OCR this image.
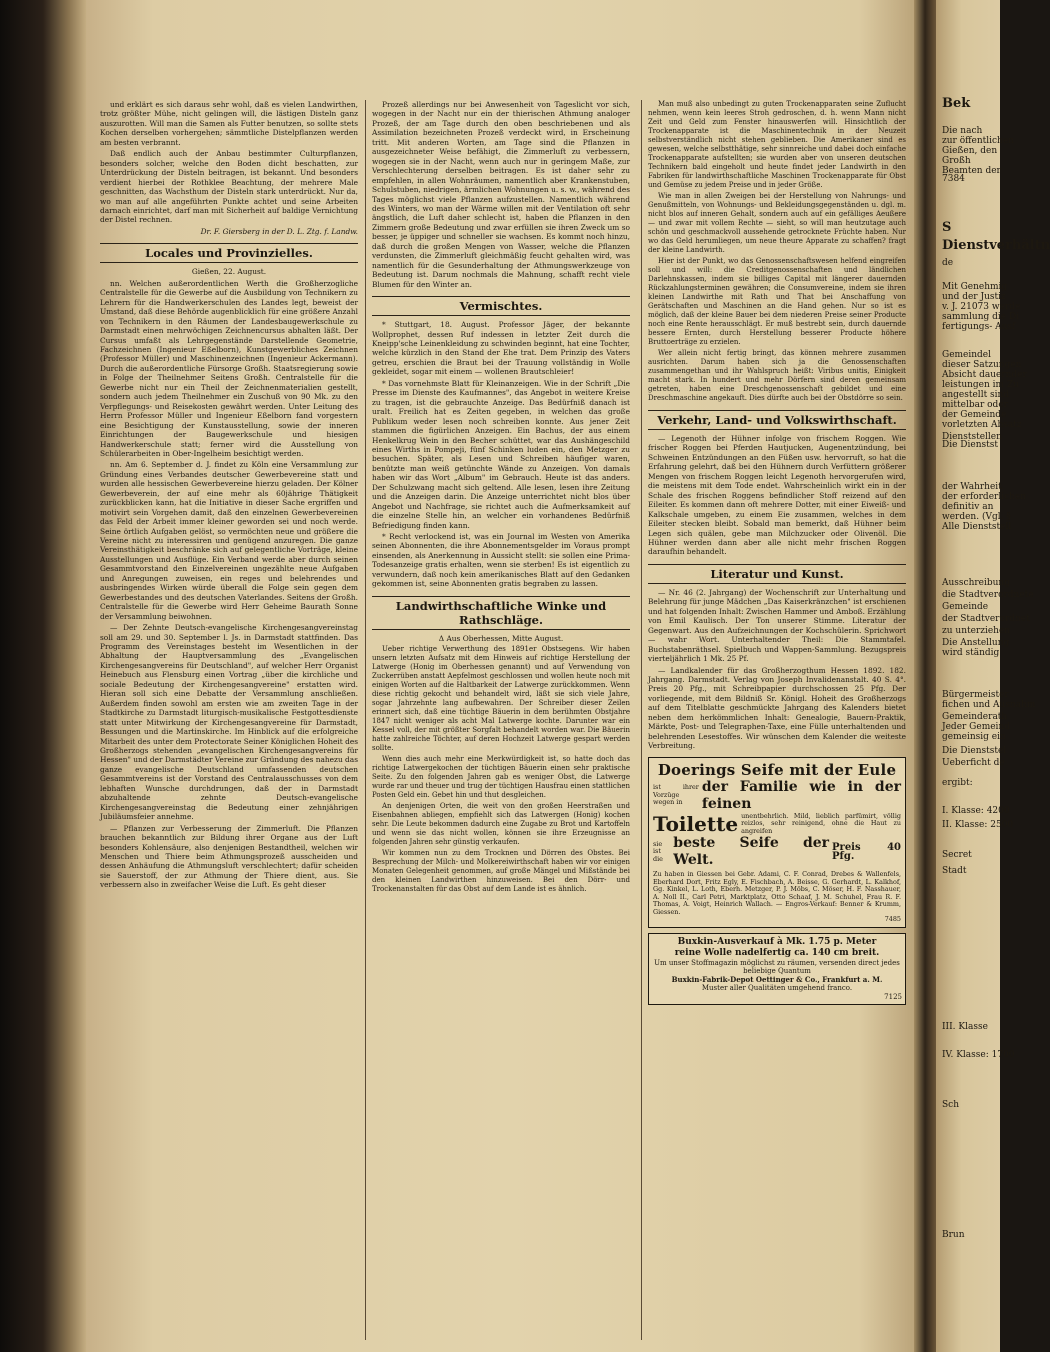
und erklärt es sich daraus sehr wohl, daß es vielen Landwirthen, trotz größter Mühe, nicht gelingen will, die lästigen Disteln ganz auszurotten. Will man die Samen als Futter benutzen, so sollte stets Kochen derselben vorhergehen; sämmtliche Distelpflanzen werden am besten verbrannt.

Daß endlich auch der Anbau bestimmter Culturpflanzen, besonders solcher, welche den Boden dicht beschatten, zur Unterdrückung der Disteln beitragen, ist bekannt. Und besonders verdient hierbei der Rothklee Beachtung, der mehrere Male geschnitten, das Wachsthum der Disteln stark unterdrückt. Nur da, wo man auf alle angeführten Punkte achtet und seine Arbeiten darnach einrichtet, darf man mit Sicherheit auf baldige Vernichtung der Distel rechnen.

Dr. F. Giersberg in der D. L. Ztg. f. Landw.
Locales und Provinzielles.
Gießen, 22. August.

nn. Welchen außerordentlichen Werth die Großherzogliche Centralstelle für die Gewerbe auf die Ausbildung von Technikern zu Lehrern für die Handwerkerschulen des Landes legt, beweist der Umstand, daß diese Behörde augenblicklich für eine größere Anzahl von Technikern in den Räumen der Landesbaugewerkschule zu Darmstadt einen mehrwöchigen Zeichnencursus abhalten läßt. Der Cursus umfaßt als Lehrgegenstände Darstellende Geometrie, Fachzeichnen (Ingenieur Eßelborn), Kunstgewerbliches Zeichnen (Professor Müller) und Maschinenzeichnen (Ingenieur Ackermann). Durch die außerordentliche Fürsorge Großh. Staatsregierung sowie in Folge der Theilnehmer Seitens Großh. Centralstelle für die Gewerbe nicht nur ein Theil der Zeichnenmaterialien gestellt, sondern auch jedem Theilnehmer ein Zuschuß von 90 Mk. zu den Verpflegungs- und Reisekosten gewährt werden. Unter Leitung des Herrn Professor Müller und Ingenieur Eßelborn fand vorgestern eine Besichtigung der Kunstausstellung, sowie der inneren Einrichtungen der Baugewerkschule und hiesigen Handwerkerschule statt; ferner wird die Ausstellung von Schülerarbeiten in Ober-Ingelheim besichtigt werden.

nn. Am 6. September d. J. findet zu Köln eine Versammlung zur Gründung eines Verbandes deutscher Gewerbevereine statt und wurden alle hessischen Gewerbevereine hierzu geladen. Der Kölner Gewerbeverein, der auf eine mehr als 60jährige Thätigkeit zurückblicken kann, hat die Initiative in dieser Sache ergriffen und motivirt sein Vorgehen damit, daß den einzelnen Gewerbevereinen das Feld der Arbeit immer kleiner geworden sei und noch werde. Seine örtlich Aufgaben gelöst, so vermöchten neue und größere die Vereine nicht zu interessiren und genügend anzuregen. Die ganze Vereinsthätigkeit beschränke sich auf gelegentliche Vorträge, kleine Ausstellungen und Ausflüge. Ein Verband werde aber durch seinen Gesammtvorstand den Einzelvereinen ungezählte neue Aufgaben und Anregungen zuweisen, ein reges und belehrendes und ausbringendes Wirken würde überall die Folge sein gegen dem Gewerbestandes und des deutschen Vaterlandes. Seitens der Großh. Centralstelle für die Gewerbe wird Herr Geheime Baurath Sonne der Versammlung beiwohnen.

— Der Zehnte Deutsch-evangelische Kirchengesangvereinstag soll am 29. und 30. September l. Js. in Darmstadt stattfinden. Das Programm des Vereinstages besteht im Wesentlichen in der Abhaltung der Hauptversammlung des „Evangelischen Kirchengesangvereins für Deutschland", auf welcher Herr Organist Heinebuch aus Flensburg einen Vortrag „über die kirchliche und sociale Bedeutung der Kirchengesangvereine" erstatten wird. Hieran soll sich eine Debatte der Versammlung anschließen. Außerdem finden sowohl am ersten wie am zweiten Tage in der Stadtkirche zu Darmstadt liturgisch-musikalische Festgottesdienste statt unter Mitwirkung der Kirchengesangvereine für Darmstadt, Bessungen und die Martinskirche. Im Hinblick auf die erfolgreiche Mitarbeit des unter dem Protectorate Seiner Königlichen Hoheit des Großherzogs stehenden „evangelischen Kirchengesangvereins für Hessen" und der Darmstädter Vereine zur Gründung des nahezu das ganze evangelische Deutschland umfassenden deutschen Gesammtvereins ist der Vorstand des Centralausschusses von dem lebhaften Wunsche durchdrungen, daß der in Darmstadt abzuhaltende zehnte Deutsch-evangelische Kirchengesangvereinstag die Bedeutung einer zehnjährigen Jubiläumsfeier annehme.

— Pflanzen zur Verbesserung der Zimmerluft. Die Pflanzen brauchen bekanntlich zur Bildung ihrer Organe aus der Luft besonders Kohlensäure, also denjenigen Bestandtheil, welchen wir Menschen und Thiere beim Athmungsprozeß ausscheiden und dessen Anhäufung die Athmungsluft verschlechtert; dafür scheiden sie Sauerstoff, der zur Athmung der Thiere dient, aus. Sie verbessern also in zweifacher Weise die Luft. Es geht dieser

Prozeß allerdings nur bei Anwesenheit von Tageslicht vor sich, wogegen in der Nacht nur ein der thierischen Athmung analoger Prozeß, der am Tage durch den oben beschriebenen und als Assimilation bezeichneten Prozeß verdeckt wird, in Erscheinung tritt. Mit anderen Worten, am Tage sind die Pflanzen in ausgezeichneter Weise befähigt, die Zimmerluft zu verbessern, wogegen sie in der Nacht, wenn auch nur in geringem Maße, zur Verschlechterung derselben beitragen. Es ist daher sehr zu empfehlen, in allen Wohnräumen, namentlich aber Krankenstuben, Schulstuben, niedrigen, ärmlichen Wohnungen u. s. w., während des Tages möglichst viele Pflanzen aufzustellen. Namentlich während des Winters, wo man der Wärme willen mit der Ventilation oft sehr ängstlich, die Luft daher schlecht ist, haben die Pflanzen in den Zimmern große Bedeutung und zwar erfüllen sie ihren Zweck um so besser, je üppiger und schneller sie wachsen. Es kommt noch hinzu, daß durch die großen Mengen von Wasser, welche die Pflanzen verdunsten, die Zimmerluft gleichmäßig feucht gehalten wird, was namentlich für die Gesunderhaltung der Athmungswerkzeuge von Bedeutung ist. Darum nochmals die Mahnung, schafft recht viele Blumen für den Winter an.

Vermischtes.

* Stuttgart, 18. August. Professor Jäger, der bekannte Wollprophet, dessen Ruf indessen in letzter Zeit durch die Kneipp'sche Leinenkleidung zu schwinden beginnt, hat eine Tochter, welche kürzlich in den Stand der Ehe trat. Dem Prinzip des Vaters getreu, erschien die Braut bei der Trauung vollständig in Wolle gekleidet, sogar mit einem — wollenen Brautschleier!

* Das vornehmste Blatt für Kleinanzeigen. Wie in der Schrift „Die Presse im Dienste des Kaufmannes", das Angebot in weitere Kreise zu tragen, ist die gebrauchte Anzeige. Das Bedürfniß danach ist uralt. Freilich hat es Zeiten gegeben, in welchen das große Publikum weder lesen noch schreiben konnte. Aus jener Zeit stammen die figürlichen Anzeigen. Ein Bachus, der aus einem Henkelkrug Wein in den Becher schüttet, war das Aushängeschild eines Wirths in Pompeji, fünf Schinken luden ein, den Metzger zu besuchen. Später, als Lesen und Schreiben häufiger waren, benützte man weiß getünchte Wände zu Anzeigen. Von damals haben wir das Wort „Album" im Gebrauch. Heute ist das anders. Der Schulzwang macht sich geltend. Alle lesen, lesen ihre Zeitung und die Anzeigen darin. Die Anzeige unterrichtet nicht blos über Angebot und Nachfrage, sie richtet auch die Aufmerksamkeit auf die einzelne Stelle hin, an welcher ein vorhandenes Bedürfniß Befriedigung finden kann.

* Recht verlockend ist, was ein Journal im Westen von Amerika seinen Abonnenten, die ihre Abonnementsgelder im Voraus prompt einsenden, als Anerkennung in Aussicht stellt: sie sollen eine Prima-Todesanzeige gratis erhalten, wenn sie sterben! Es ist eigentlich zu verwundern, daß noch kein amerikanisches Blatt auf den Gedanken gekommen ist, seine Abonnenten gratis begraben zu lassen.

Landwirthschaftliche Winke und Rathschläge.
Δ Aus Oberhessen, Mitte August.

Ueber richtige Verwerthung des 1891er Obstsegens. Wir haben unsern letzten Aufsatz mit dem Hinweis auf richtige Herstellung der Latwerge (Honig im Oberhessen genannt) und auf Verwendung von Zuckerrüben anstatt Aepfelmost geschlossen und wollen heute noch mit einigen Worten auf die Haltbarkeit der Latwerge zurückkommen. Wenn diese richtig gekocht und behandelt wird, läßt sie sich viele Jahre, sogar Jahrzehnte lang aufbewahren. Der Schreiber dieser Zeilen erinnert sich, daß eine tüchtige Bäuerin in dem berühmten Obstjahre 1847 nicht weniger als acht Mal Latwerge kochte. Darunter war ein Kessel voll, der mit größter Sorgfalt behandelt worden war. Die Bäuerin hatte zahlreiche Töchter, auf deren Hochzeit Latwerge gespart werden sollte.

Wenn dies auch mehr eine Merkwürdigkeit ist, so hatte doch das richtige Latwergekochen der tüchtigen Bäuerin einen sehr praktische Seite. Zu den folgenden Jahren gab es weniger Obst, die Latwerge wurde rar und theuer und trug der tüchtigen Hausfrau einen stattlichen Posten Geld ein. Gebet hin und thut desgleichen.

An denjenigen Orten, die weit von den großen Heerstraßen und Eisenbahnen abliegen, empfiehlt sich das Latwergen (Honig) kochen sehr. Die Leute bekommen dadurch eine Zugabe zu Brot und Kartoffeln und wenn sie das nicht wollen, können sie ihre Erzeugnisse an folgenden Jahren sehr günstig verkaufen.

Wir kommen nun zu dem Trocknen und Dörren des Obstes. Bei Besprechung der Milch- und Molkereiwirthschaft haben wir vor einigen Monaten Gelegenheit genommen, auf große Mängel und Mißstände bei den kleinen Landwirthen hinzuweisen. Bei den Dörr- und Trockenanstalten für das Obst auf dem Lande ist es ähnlich.

Man muß also unbedingt zu guten Trockenapparaten seine Zuflucht nehmen, wenn kein leeres Stroh gedroschen, d. h. wenn Mann nicht Zeit und Geld zum Fenster hinauswerfen will. Hinsichtlich der Trockenapparate ist die Maschinentechnik in der Neuzeit selbstverständlich nicht stehen geblieben. Die Amerikaner sind es gewesen, welche selbstthätige, sehr sinnreiche und dabei doch einfache Trockenapparate aufstellten; sie wurden aber von unseren deutschen Technikern bald eingeholt und heute findet jeder Landwirth in den Fabriken für landwirthschaftliche Maschinen Trockenapparate für Obst und Gemüse zu jedem Preise und in jeder Größe.

Wie man in allen Zweigen bei der Herstellung von Nahrungs- und Genußmitteln, von Wohnungs- und Bekleidungsgegenständen u. dgl. m. nicht blos auf inneren Gehalt, sondern auch auf ein gefälliges Aeußere — und zwar mit vollem Rechte — sieht, so will man heutzutage auch schön und geschmackvoll aussehende getrocknete Früchte haben. Nur wo das Geld herumliegen, um neue theure Apparate zu schaffen? fragt der kleine Landwirth.

Hier ist der Punkt, wo das Genossenschaftswesen helfend eingreifen soll und will: die Creditgenossenschaften und ländlichen Darlehnskassen, indem sie billiges Capital mit längerer dauernden Rückzahlungsterminen gewähren; die Consumvereine, indem sie ihren kleinen Landwirthe mit Rath und That bei Anschaffung von Gerätschaften und Maschinen an die Hand gehen. Nur so ist es möglich, daß der kleine Bauer bei dem niederen Preise seiner Producte noch eine Rente herausschlägt. Er muß bestrebt sein, durch dauernde bessere Ernten, durch Herstellung besserer Producte höhere Bruttoerträge zu erzielen.

Wer allein nicht fertig bringt, das können mehrere zusammen ausrichten. Darum haben sich ja die Genossenschaften zusammengethan und ihr Wahlspruch heißt: Viribus unitis, Einigkeit macht stark. In hundert und mehr Dörfern sind deren gemeinsam getreten, haben eine Dreschgenossenschaft gebildet und eine Dreschmaschine angekauft. Dies dürfte auch bei der Obstdörre so sein.

Verkehr, Land- und Volkswirthschaft.

— Legenoth der Hühner infolge von frischem Roggen. Wie frischer Roggen bei Pferden Hautjucken, Augenentzündung, bei Schweinen Entzündungen an den Füßen usw. hervorruft, so hat die Erfahrung gelehrt, daß bei den Hühnern durch Verfüttern größerer Mengen von frischem Roggen leicht Legenoth hervorgerufen wird, die meistens mit dem Tode endet. Wahrscheinlich wirkt ein in der Schale des frischen Roggens befindlicher Stoff reizend auf den Eileiter. Es kommen dann oft mehrere Dotter, mit einer Eiweiß- und Kalkschale umgeben, zu einem Eie zusammen, welches in dem Eileiter stecken bleibt. Sobald man bemerkt, daß Hühner beim Legen sich quälen, gebe man Milchzucker oder Olivenöl. Die Hühner werden dann aber alle nicht mehr frischen Roggen daraufhin behandelt.

Literatur und Kunst.

— Nr. 46 (2. Jahrgang) der Wochenschrift zur Unterhaltung und Belehrung für junge Mädchen „Das Kaiserkränzchen" ist erschienen und hat folgenden Inhalt: Zwischen Hammer und Amboß. Erzählung von Emil Kaulisch. Der Ton unserer Stimme. Literatur der Gegenwart. Aus den Aufzeichnungen der Kochschülerin. Sprichwort — wahr Wort. Unterhaltender Theil: Die Stammtafel. Buchstabenräthsel. Spielbuch und Wappen-Sammlung. Bezugspreis vierteljährlich 1 Mk. 25 Pf.

— Landkalender für das Großherzogthum Hessen 1892. 182. Jahrgang. Darmstadt. Verlag von Joseph Invalidenanstalt. 40 S. 4°. Preis 20 Pfg., mit Schreibpapier durchschossen 25 Pfg. Der vorliegende, mit dem Bildniß Sr. Königl. Hoheit des Großherzogs auf dem Titelblatte geschmückte Jahrgang des Kalenders bietet neben dem herkömmlichen Inhalt: Genealogie, Bauern-Praktik, Märkte, Post- und Telegraphen-Taxe, eine Fülle unterhaltenden und belehrenden Lesestoffes. Wir wünschen dem Kalender die weiteste Verbreitung.

Doerings Seife mit der Eule
ist ihrer Vorzüge wegen in
der Familie wie in der feinen
Toilette unentbehrlich. Mild, lieblich parfümirt, völlig reizlos, sehr reinigend, ohne die Haut zu angreifen
sie ist die
beste Seife der Welt.
Preis 40 Pfg.
Zu haben in Giessen bei Gebr. Adami, C. F. Conrad, Drebes & Wallenfels, Eberhard Dort, Fritz Egly, E. Fischbach, A. Beisse, G. Gerhardt, L. Kalkhof, Gg. Kinkel, L. Loth, Eberh. Metzger, P. J. Möbs, C. Möser, H. F. Nasshauer, A. Noll II., Carl Petri, Marktplatz, Otto Schaaf, J. M. Schuhel, Frau R. F. Thomas, A. Voigt, Heinrich Wallach. — Engros-Verkauf: Benner & Krumm, Giessen.
7485
Buxkin-Ausverkauf à Mk. 1.75 p. Meter
reine Wolle nadelfertig ca. 140 cm breit.
Um unser Stoffmagazin möglichst zu räumen, versenden direct jedes beliebige Quantum
Buxkin-Fabrik-Depot Oettinger & Co., Frankfurt a. M.
Muster aller Qualitäten umgehend franco.
7125
Bek
Die nach
zur öffentlichen
Gießen, den
Großh
Beamten der
7384
S
Dienstverhältn
de
Mit Genehmig
und der Justiz
v. J. 21073 werde
sammlung die Di
fertigungs- Ausf
Gemeindel
dieser Satzungen
Absicht dauernder
leistungen im Zu
angestellt sind
mittelbar oder
der Gemeinde
vorletzten Absatz
Dienststellen
Die Dienstst
der Wahrheit
der erforderlichen
definitiv an
werden. (Vgl. §
Alle Dienststell
Ausschreibung
die Stadtverordnete
Gemeinde
der Stadtverordnet
zu unterziehen
Die Anstellung
wird ständig
Bürgermeister
fichen und Ausnahm
Gemeinderath
Jeder Gemeind
gemeinsig ein
Die Dienststel
Ueberficht de
ergibt:
I. Klasse: 4200
II. Klasse: 2500
Secret
Stadt
III. Klasse
IV. Klasse: 1700
Sch
Brun
